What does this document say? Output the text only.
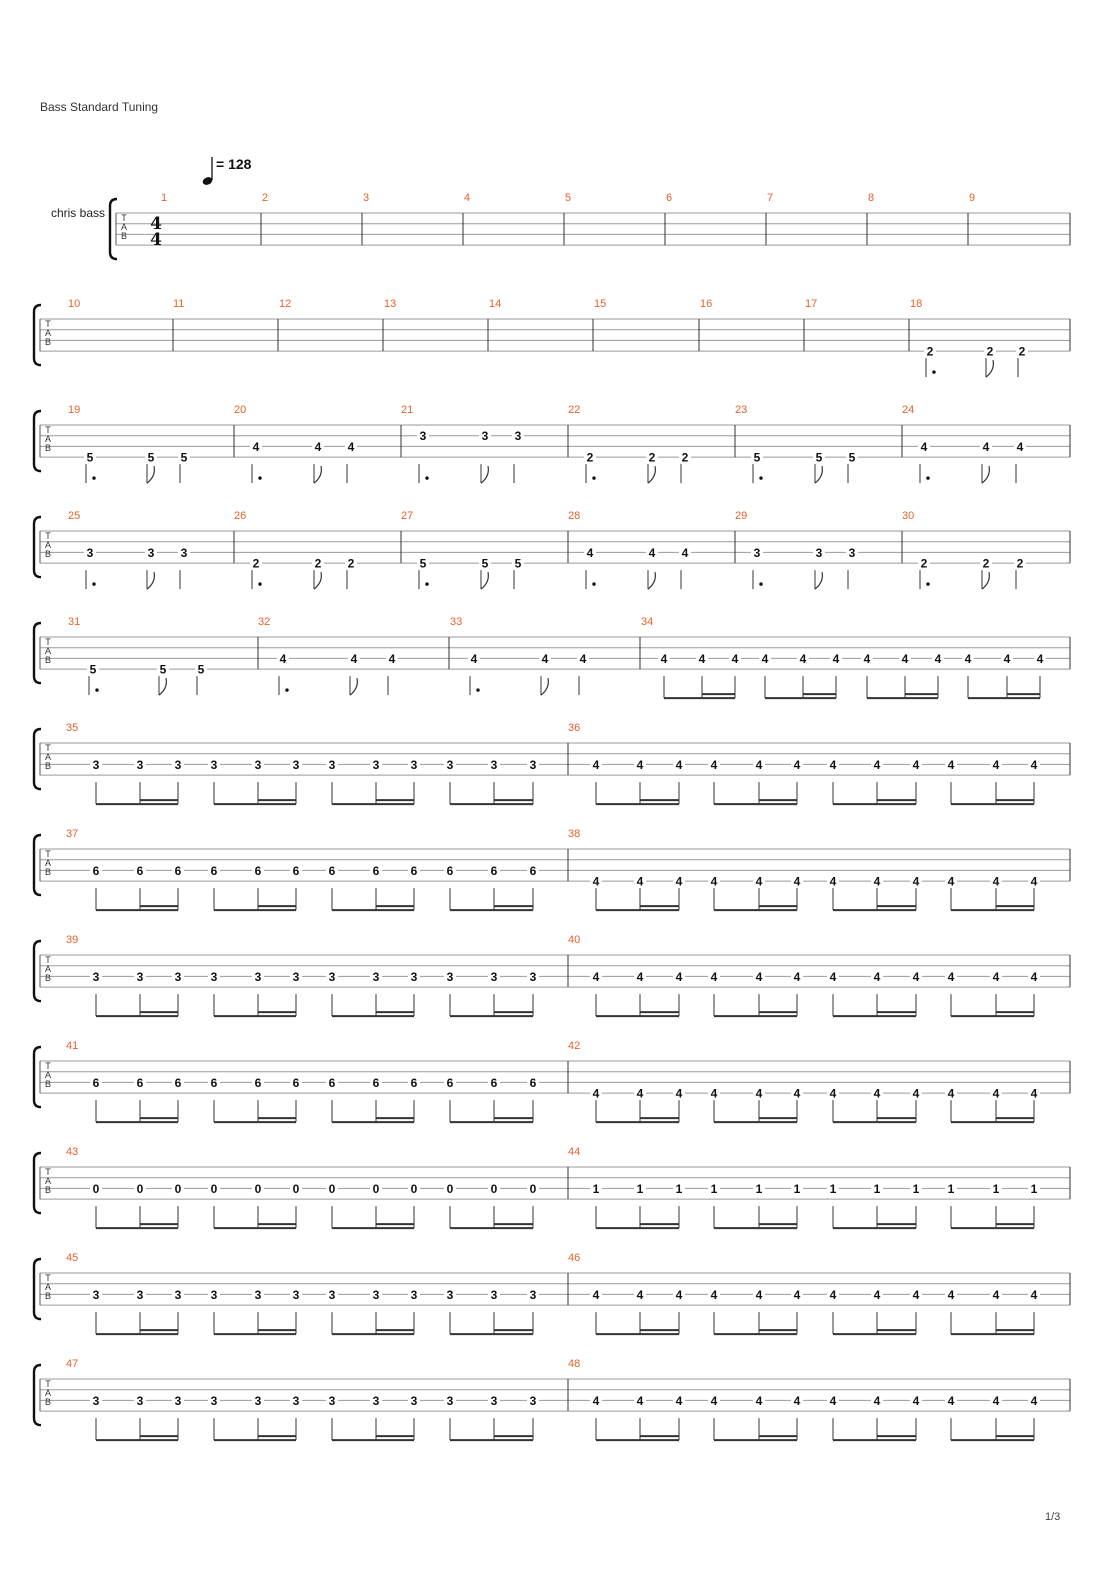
Bass Standard Tuning
= 128
T
A
B
chris bass
4
4
1	2	3	4	5	6	7	8	9
T
A
B
10	11	12	13	14	15	16	17	18
2	2 2
T
A
B
19
5	5 5
20
4	4 4
21
3	3 3
22
2	2 2
23
5	5 5
24
4	4 4
T
A
B
25
3	3 3
26
2	2 2
27
5	5 5
28
4	4 4
29
3	3 3
30
2	2 2
T
A
B
31
5	5	5
32
4	4	4
33
4	4	4
34
4	4 4 4	4 4 4	4 4 4	4 4
T
A
B
35
3	3	3 3	3	3 3	3	3 3	3	3
36
4	4	4 4	4	4 4	4	4 4	4	4
T
A
B
37
6	6	6 6	6	6 6	6	6 6	6	6
38
4	4	4 4	4	4 4	4	4 4	4	4
T
A
B
39
3	3	3 3	3	3 3	3	3 3	3	3
40
4	4	4 4	4	4 4	4	4 4	4	4
T
A
B
41
6	6	6 6	6	6 6	6	6 6	6	6
42
4	4	4 4	4	4 4	4	4 4	4	4
T
A
B
43
0	0	0 0	0	0 0	0	0 0	0	0
44
1	1	1 1	1	1 1	1	1 1	1	1
T
A
B
45
3	3	3 3	3	3 3	3	3 3	3	3
46
4	4	4 4	4	4 4	4	4 4	4	4
T
A
B
47
3	3	3 3	3	3 3	3	3 3	3	3
48
4	4	4 4	4	4 4	4	4 4	4	4
1/3
